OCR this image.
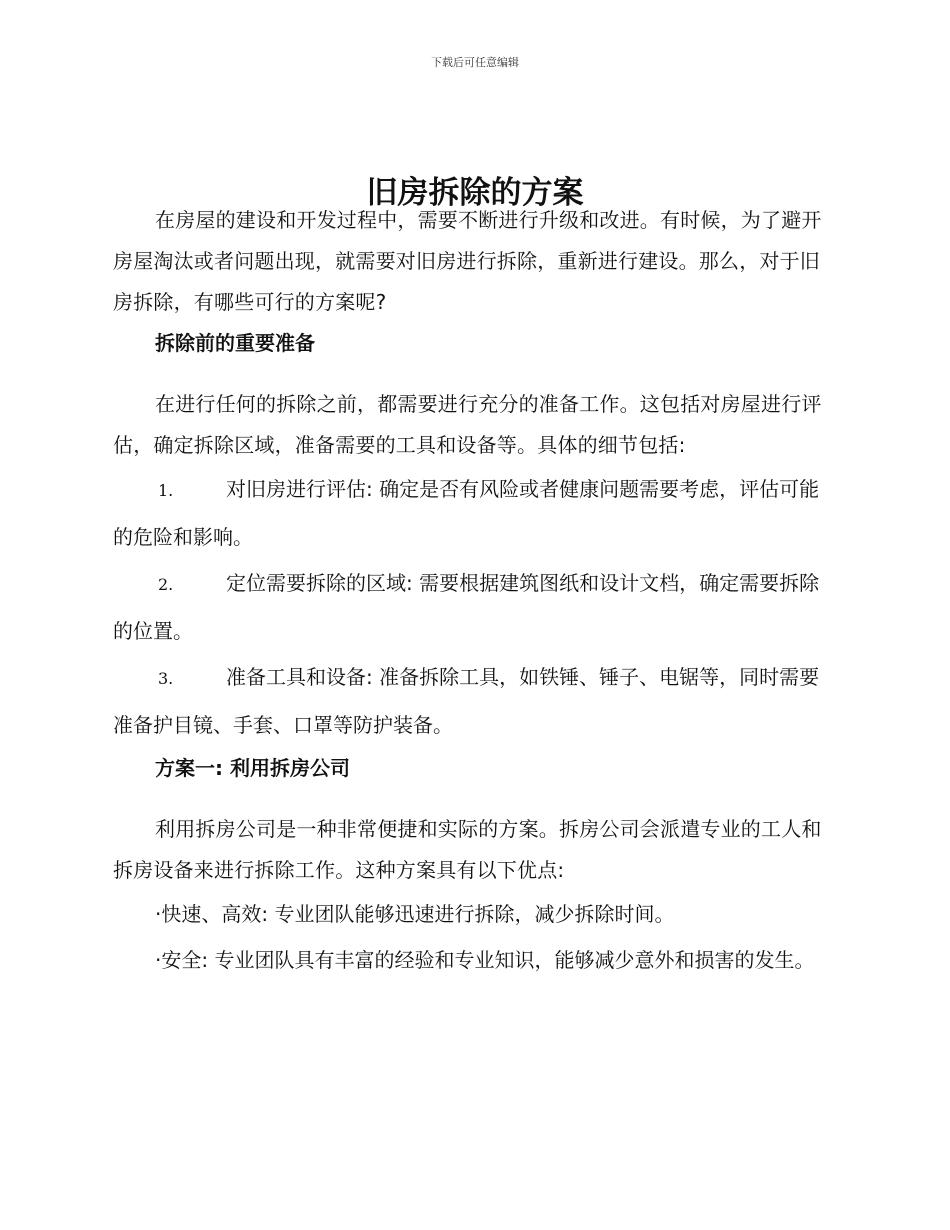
下载后可任意编辑
旧房拆除的方案

在房屋的建设和开发过程中，需要不断进行升级和改进。有时候，为了避开房屋淘汰或者问题出现，就需要对旧房进行拆除，重新进行建设。那么，对于旧房拆除，有哪些可行的方案呢?

拆除前的重要准备

在进行任何的拆除之前，都需要进行充分的准备工作。这包括对房屋进行评估，确定拆除区域，准备需要的工具和设备等。具体的细节包括:

1.	对旧房进行评估: 确定是否有风险或者健康问题需要考虑，评估可能的危险和影响。

2.	定位需要拆除的区域: 需要根据建筑图纸和设计文档，确定需要拆除的位置。

3.	准备工具和设备: 准备拆除工具，如铁锤、锤子、电锯等，同时需要准备护目镜、手套、口罩等防护装备。

方案一: 利用拆房公司

利用拆房公司是一种非常便捷和实际的方案。拆房公司会派遣专业的工人和拆房设备来进行拆除工作。这种方案具有以下优点:

·快速、高效: 专业团队能够迅速进行拆除，减少拆除时间。

·安全: 专业团队具有丰富的经验和专业知识，能够减少意外和损害的发生。
